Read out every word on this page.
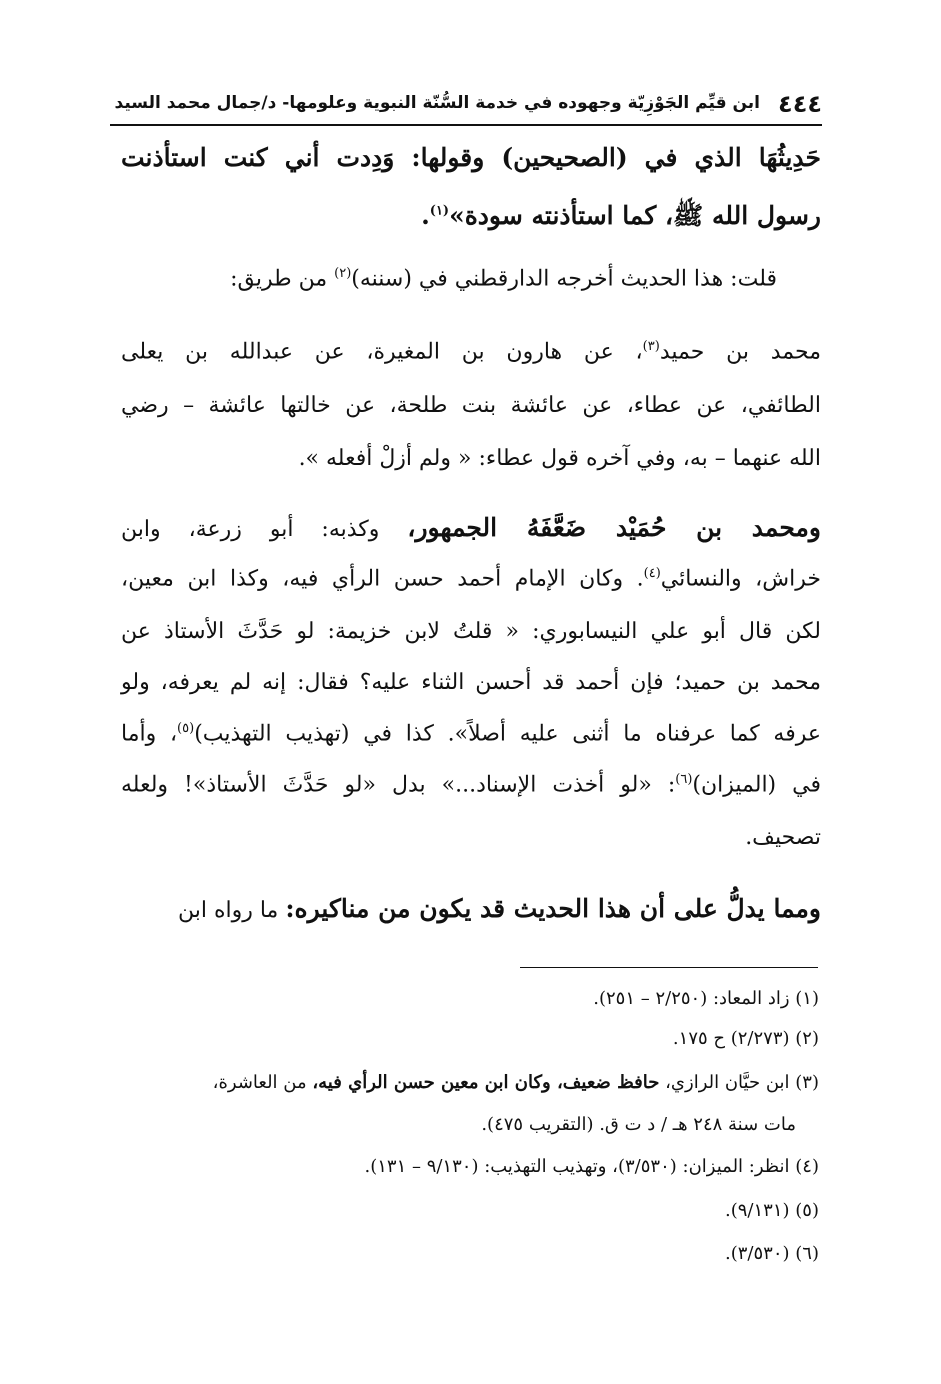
٤٤٤
ابن قيِّم الجَوْزِيّة وجهوده في خدمة السُّنّة النبوية وعلومها- د/جمال محمد السيد
حَدِيثُهَا الذي في (الصحيحين) وقولها: وَدِدت أني كنت استأذنت
رسول الله ﷺ، كما استأذنته سودة»$^{(١)}$.
قلت: هذا الحديث أخرجه الدارقطني في (سننه)$^{(٢)}$ من طريق:
محمد بن حميد$^{(٣)}$، عن هارون بن المغيرة، عن عبدالله بن يعلى
الطائفي، عن عطاء، عن عائشة بنت طلحة، عن خالتها عائشة – رضي
الله عنهما – به، وفي آخره قول عطاء: « ولم أزلْ أفعله ».
ومحمد بن حُمَيْد ضَعَّفَهُ الجمهور، وكذبه: أبو زرعة، وابن
خراش، والنسائي$^{(٤)}$. وكان الإمام أحمد حسن الرأي فيه، وكذا ابن معين،
لكن قال أبو علي النيسابوري: « قلتُ لابن خزيمة: لو حَدَّثَ الأستاذ عن
محمد بن حميد؛ فإن أحمد قد أحسن الثناء عليه؟ فقال: إنه لم يعرفه، ولو
عرفه كما عرفناه ما أثنى عليه أصلاً». كذا في (تهذيب التهذيب)$^{(٥)}$، وأما
في (الميزان)$^{(٦)}$: «لو أخذت الإسناد...» بدل «لو حَدَّثَ الأستاذ»! ولعله
تصحيف.
ومما يدلُّ على أن هذا الحديث قد يكون من مناكيره: ما رواه ابن
(١) زاد المعاد: (٢/٢٥٠ – ٢٥١).
(٢) (٢/٢٧٣) ح ١٧٥.
(٣) ابن حيَّان الرازي، حافظ ضعيف، وكان ابن معين حسن الرأي فيه، من العاشرة،
مات سنة ٢٤٨ هـ / د ت ق. (التقريب ٤٧٥).
(٤) انظر: الميزان: (٣/٥٣٠)، وتهذيب التهذيب: (٩/١٣٠ – ١٣١).
(٥) (٩/١٣١).
(٦) (٣/٥٣٠).
